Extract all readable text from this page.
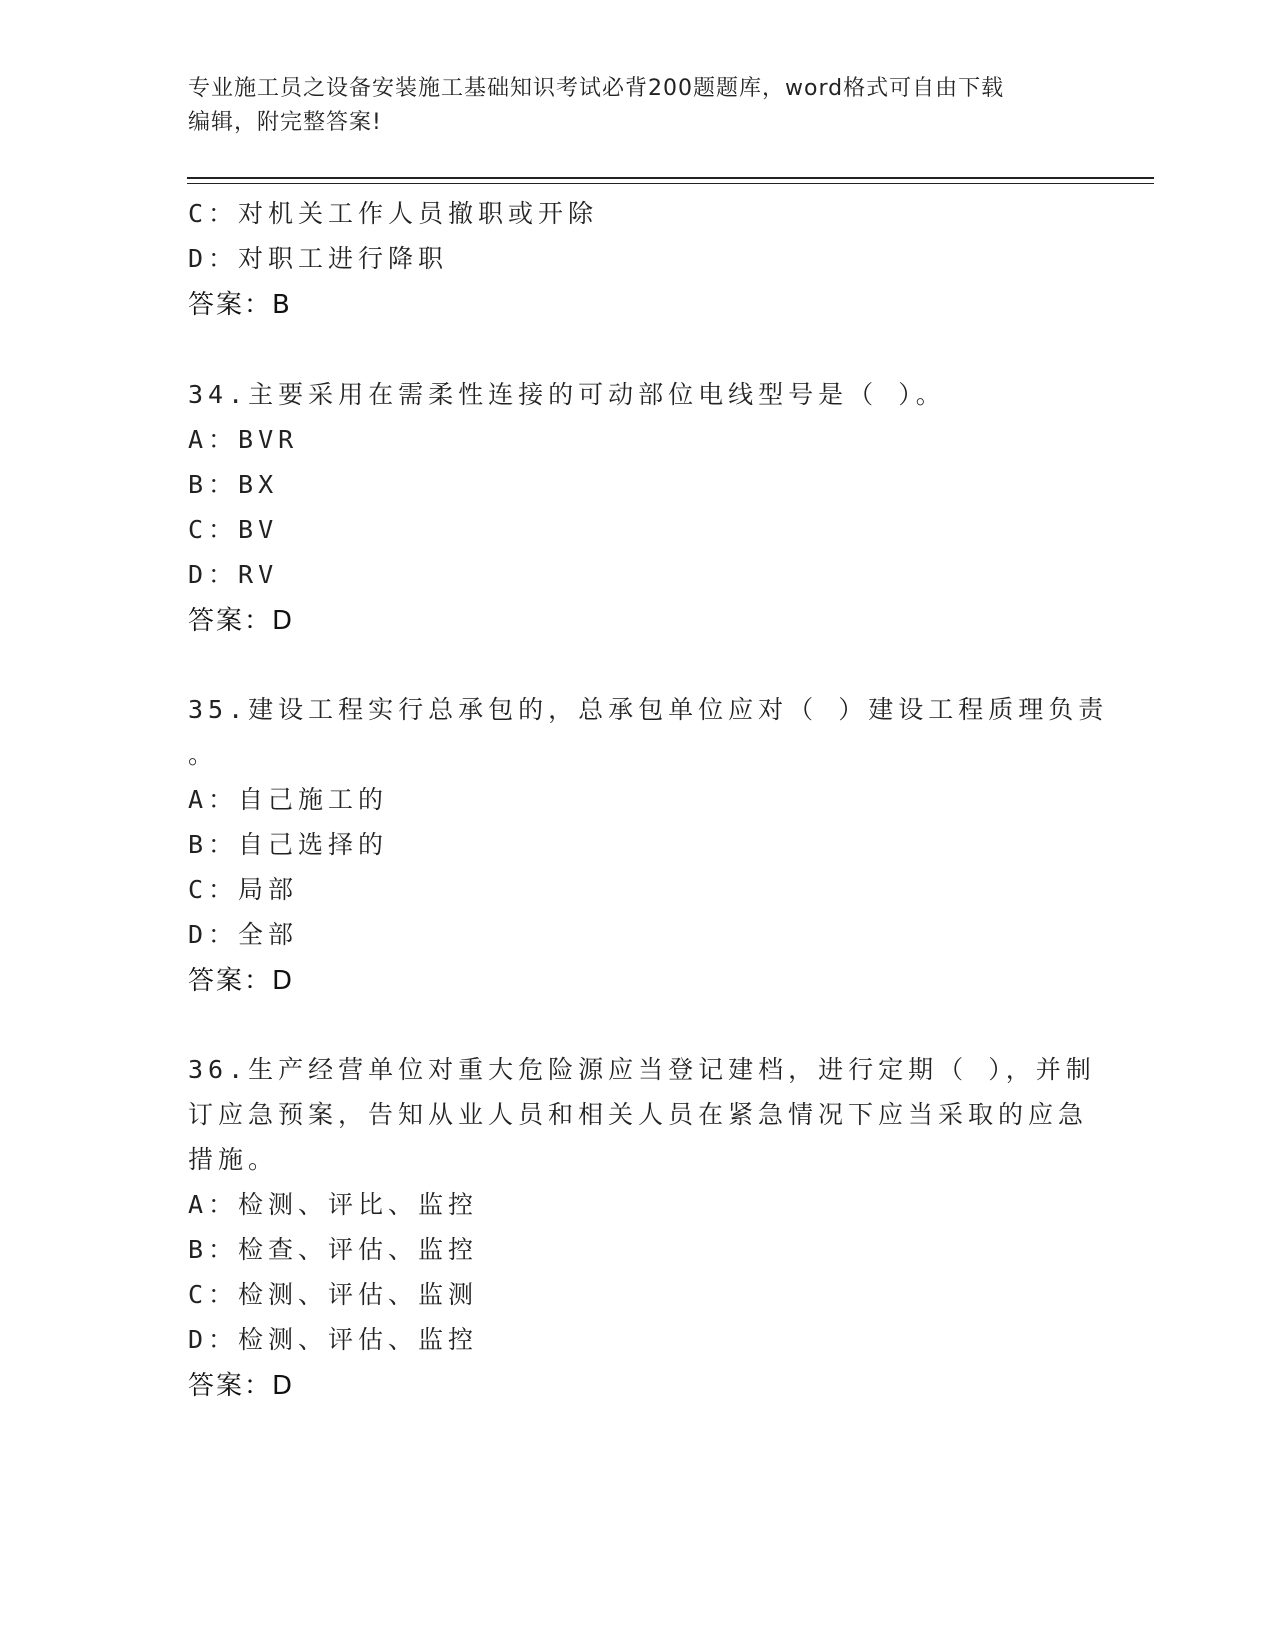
专业施工员之设备安装施工基础知识考试必背200题题库，word格式可自由下载
编辑，附完整答案!
C：对机关工作人员撤职或开除
D：对职工进行降职
答案：B
34.主要采用在需柔性连接的可动部位电线型号是（ ）。
A：BVR
B：BX
C：BV
D：RV
答案：D
35.建设工程实行总承包的，总承包单位应对（ ）建设工程质理负责
。
A：自己施工的
B：自己选择的
C：局部
D：全部
答案：D
36.生产经营单位对重大危险源应当登记建档，进行定期（ ），并制
订应急预案，告知从业人员和相关人员在紧急情况下应当采取的应急
措施。
A：检测、评比、监控
B：检查、评估、监控
C：检测、评估、监测
D：检测、评估、监控
答案：D
